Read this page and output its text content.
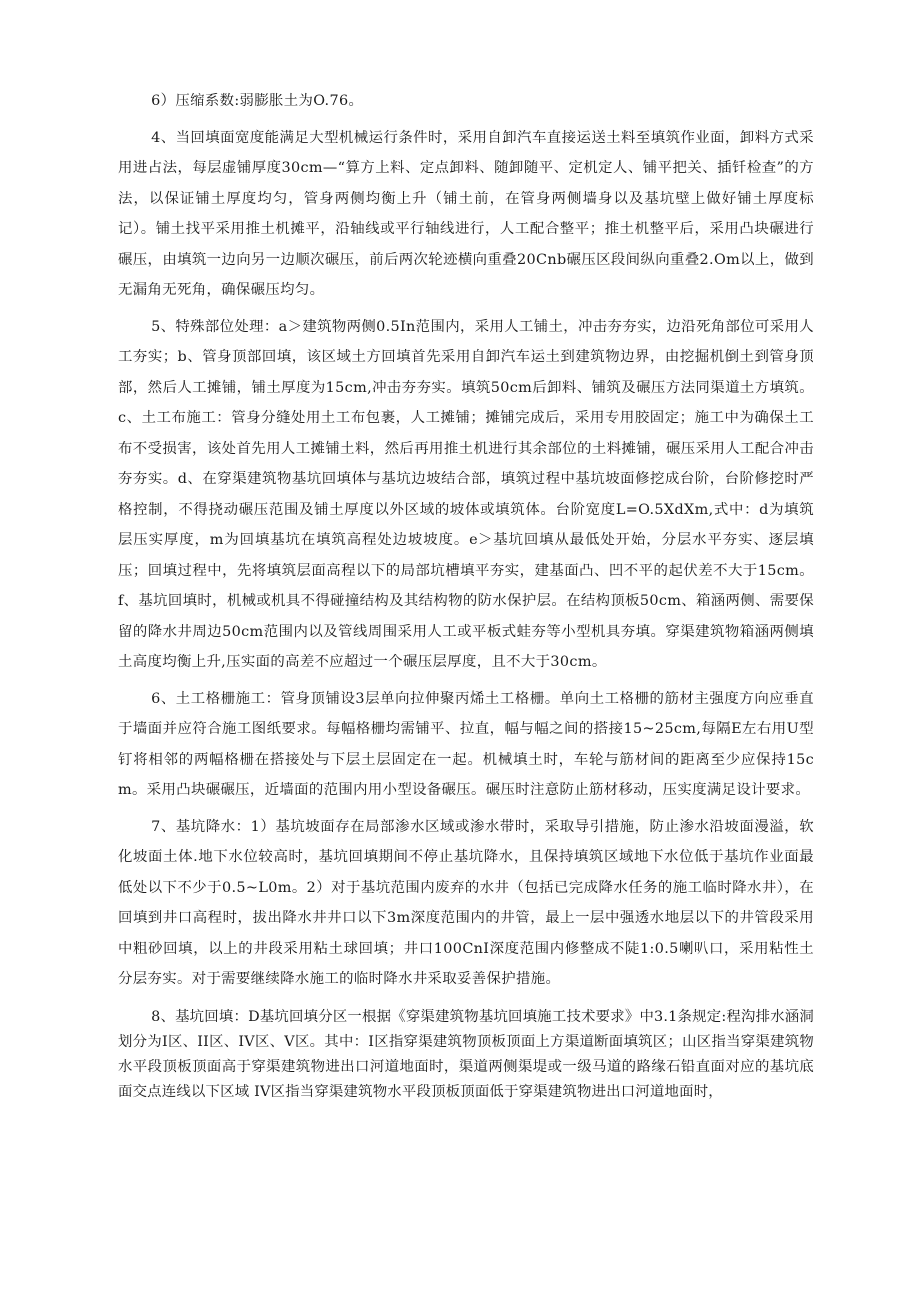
6）压缩系数:弱膨胀土为O.76。

4、当回填面宽度能满足大型机械运行条件时，采用自卸汽车直接运送土料至填筑作业面，卸料方式采用进占法，每层虚铺厚度30cm—“算方上料、定点卸料、随卸随平、定机定人、铺平把关、插钎检查”的方法，以保证铺土厚度均匀，管身两侧均衡上升（铺土前，在管身两侧墙身以及基坑壁上做好铺土厚度标记）。铺土找平采用推土机摊平，沿轴线或平行轴线进行，人工配合整平；推土机整平后，采用凸块碾进行碾压，由填筑一边向另一边顺次碾压，前后两次轮迹横向重叠20Cnb碾压区段间纵向重叠2.Om以上，做到无漏角无死角，确保碾压均匀。

5、特殊部位处理：a＞建筑物两侧0.5In范围内，采用人工铺土，冲击夯夯实，边沿死角部位可采用人工夯实；b、管身顶部回填，该区域土方回填首先采用自卸汽车运土到建筑物边界，由挖掘机倒土到管身顶部，然后人工摊铺，铺土厚度为15cm,冲击夯夯实。填筑50cm后卸料、铺筑及碾压方法同渠道土方填筑。c、土工布施工：管身分缝处用土工布包裹，人工摊铺；摊铺完成后，采用专用胶固定；施工中为确保土工布不受损害，该处首先用人工摊铺土料，然后再用推土机进行其余部位的土料摊铺，碾压采用人工配合冲击夯夯实。d、在穿渠建筑物基坑回填体与基坑边坡结合部，填筑过程中基坑坡面修挖成台阶，台阶修挖时严格控制，不得挠动碾压范围及铺土厚度以外区域的坡体或填筑体。台阶宽度L=O.5XdXm,式中：d为填筑层压实厚度，m为回填基坑在填筑高程处边坡坡度。e＞基坑回填从最低处开始，分层水平夯实、逐层填压；回填过程中，先将填筑层面高程以下的局部坑槽填平夯实，建基面凸、凹不平的起伏差不大于15cm。f、基坑回填时，机械或机具不得碰撞结构及其结构物的防水保护层。在结构顶板50cm、箱涵两侧、需要保留的降水井周边50cm范围内以及管线周围采用人工或平板式蛙夯等小型机具夯填。穿渠建筑物箱涵两侧填土高度均衡上升,压实面的高差不应超过一个碾压层厚度，且不大于30cm。

6、土工格栅施工：管身顶铺设3层单向拉伸聚丙烯土工格栅。单向土工格栅的筋材主强度方向应垂直于墙面并应符合施工图纸要求。每幅格栅均需铺平、拉直，幅与幅之间的搭接15~25cm,每隔E左右用U型钉将相邻的两幅格栅在搭接处与下层土层固定在一起。机械填土时，车轮与筋材间的距离至少应保持15cm。采用凸块碾碾压，近墙面的范围内用小型设备碾压。碾压时注意防止筋材移动，压实度满足设计要求。

7、基坑降水：1）基坑坡面存在局部渗水区域或渗水带时，采取导引措施，防止渗水沿坡面漫溢，软化坡面土体.地下水位较高时，基坑回填期间不停止基坑降水，且保持填筑区域地下水位低于基坑作业面最低处以下不少于0.5~L0m。2）对于基坑范围内废弃的水井（包括已完成降水任务的施工临时降水井），在回填到井口高程时，拔出降水井井口以下3m深度范围内的井管，最上一层中强透水地层以下的井管段采用中粗砂回填，以上的井段采用粘土球回填；井口100CnI深度范围内修整成不陡1:0.5喇叭口，采用粘性土分层夯实。对于需要继续降水施工的临时降水井采取妥善保护措施。

8、基坑回填：D基坑回填分区一根据《穿渠建筑物基坑回填施工技术要求》中3.1条规定:程沟排水涵洞划分为I区、II区、IV区、V区。其中：I区指穿渠建筑物顶板顶面上方渠道断面填筑区；山区指当穿渠建筑物水平段顶板顶面高于穿渠建筑物进出口河道地面时，渠道两侧渠堤或一级马道的路缘石铅直面对应的基坑底面交点连线以下区域 IV区指当穿渠建筑物水平段顶板顶面低于穿渠建筑物进出口河道地面时，
